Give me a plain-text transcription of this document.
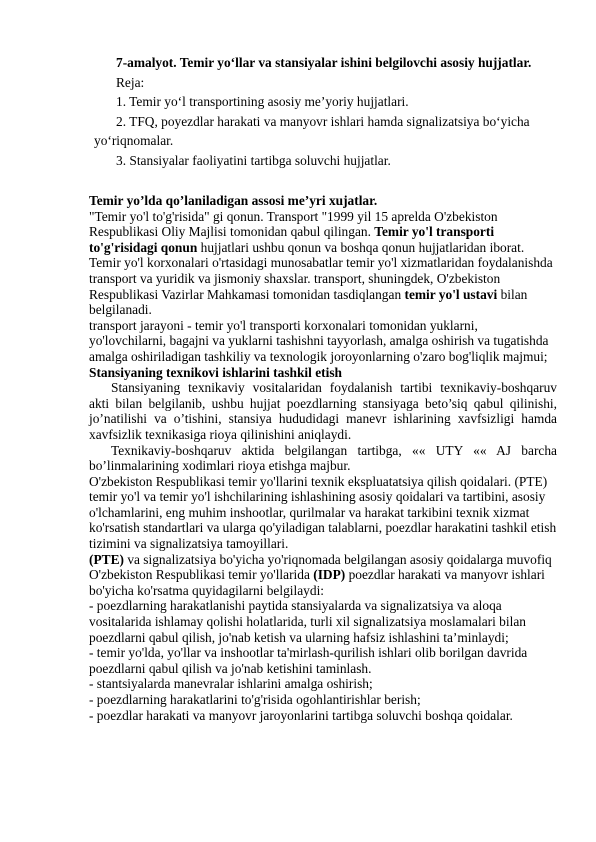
7-amalyot. Temir yo‘llar va stansiyalar ishini belgilovchi asosiy hujjatlar.
Reja:
1. Temir yo‘l transportining asosiy me’yoriy hujjatlari.
2. TFQ, poyezdlar harakati va manyovr ishlari hamda signalizatsiya bo‘yicha
yo‘riqnomalar.
3. Stansiyalar faoliyatini tartibga soluvchi hujjatlar.

Temir yo’lda qo’laniladigan assosi me’yri xujatlar.

"Temir yo'l to'g'risida" gi qonun. Transport "1999 yil 15 aprelda O'zbekiston Respublikasi Oliy Majlisi tomonidan qabul qilingan. Temir yo'l transporti to'g'risidagi qonun hujjatlari ushbu qonun va boshqa qonun hujjatlaridan iborat. Temir yo'l korxonalari o'rtasidagi munosabatlar temir yo'l xizmatlaridan foydalanishda transport va yuridik va jismoniy shaxslar. transport, shuningdek, O'zbekiston Respublikasi Vazirlar Mahkamasi tomonidan tasdiqlangan temir yo'l ustavi bilan belgilanadi.

transport jarayoni - temir yo'l transporti korxonalari tomonidan yuklarni, yo'lovchilarni, bagajni va yuklarni tashishni tayyorlash, amalga oshirish va tugatishda amalga oshiriladigan tashkiliy va texnologik joroyonlarning o'zaro bog'liqlik majmui;

Stansiyaning texnikovi ishlarini tashkil etish

Stansiyaning texnikaviy vositalaridan foydalanish tartibi texnikaviy-boshqaruv akti bilan belgilanib, ushbu hujjat poezdlarning stansiyaga beto’siq qabul qilinishi, jo’natilishi va o’tishini, stansiya hududidagi manevr ishlarining xavfsizligi hamda xavfsizlik texnikasiga rioya qilinishini aniqlaydi.

Texnikaviy-boshqaruv aktida belgilangan tartibga, «« UTY «« AJ barcha bo’linmalarining xodimlari rioya etishga majbur.

O'zbekiston Respublikasi temir yo'llarini texnik ekspluatatsiya qilish qoidalari. (PTE) temir yo'l va temir yo'l ishchilarining ishlashining asosiy qoidalari va tartibini, asosiy o'lchamlarini, eng muhim inshootlar, qurilmalar va harakat tarkibini texnik xizmat ko'rsatish standartlari va ularga qo'yiladigan talablarni, poezdlar harakatini tashkil etish tizimini va signalizatsiya tamoyillari.

(PTE) va signalizatsiya bo'yicha yo'riqnomada belgilangan asosiy qoidalarga muvofiq O'zbekiston Respublikasi temir yo'llarida (IDP) poezdlar harakati va manyovr ishlari bo'yicha ko'rsatma quyidagilarni belgilaydi:

- poezdlarning harakatlanishi paytida stansiyalarda va signalizatsiya va aloqa vositalarida ishlamay qolishi holatlarida, turli xil signalizatsiya moslamalari bilan poezdlarni qabul qilish, jo'nab ketish va ularning hafsiz ishlashini ta’minlaydi;

- temir yo'lda, yo'llar va inshootlar ta'mirlash-qurilish ishlari olib borilgan davrida poezdlarni qabul qilish va jo'nab ketishini taminlash.

- stantsiyalarda manevralar ishlarini amalga oshirish;

- poezdlarning harakatlarini to'g'risida ogohlantirishlar berish;

- poezdlar harakati va manyovr jaroyonlarini tartibga soluvchi boshqa qoidalar.
